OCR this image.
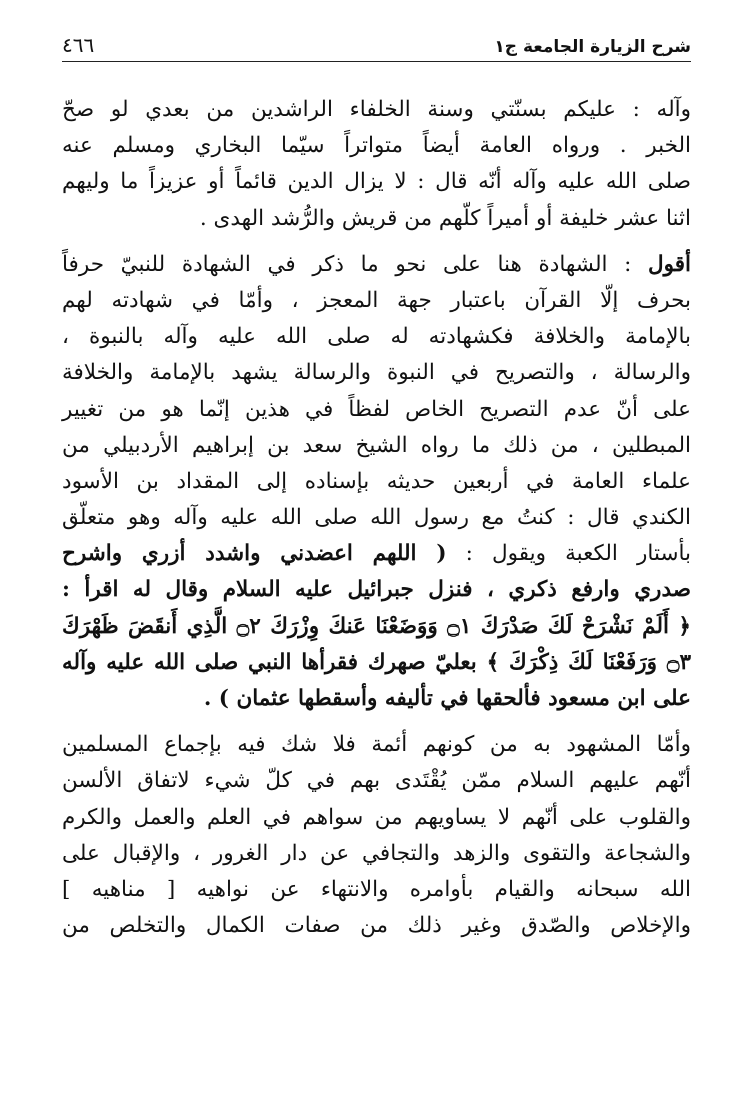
شرح الزيارة الجامعة ج١
٤٦٦
وآله : عليكم بسنّتي وسنة الخلفاء الراشدين من بعدي لو صحّ
الخبر . ورواه العامة أيضاً متواتراً سيّما البخاري ومسلم عنه
صلى الله عليه وآله أنّه قال : لا يزال الدين قائماً أو عزيزاً ما وليهم
اثنا عشر خليفة أو أميراً كلّهم من قريش والرُّشد الهدى .
أقول : الشهادة هنا على نحو ما ذكر في الشهادة للنبيّ حرفاً
بحرف إلّا القرآن باعتبار جهة المعجز ، وأمّا في شهادته لهم
بالإمامة والخلافة فكشهادته له صلى الله عليه وآله بالنبوة ،
والرسالة ، والتصريح في النبوة والرسالة يشهد بالإمامة والخلافة
على أنّ عدم التصريح الخاص لفظاً في هذين إنّما هو من تغيير
المبطلين ، من ذلك ما رواه الشيخ سعد بن إبراهيم الأردبيلي من
علماء العامة في أربعين حديثه بإسناده إلى المقداد بن الأسود
الكندي قال : كنتُ مع رسول الله صلى الله عليه وآله وهو متعلّق
بأستار الكعبة ويقول : ( اللهم اعضدني واشدد أزري واشرح
صدري وارفع ذكري ، فنزل جبرائيل عليه السلام وقال له اقرأ :
﴿ أَلَمْ نَشْرَحْ لَكَ صَدْرَكَ ۝١ وَوَضَعْنَا عَنكَ وِزْرَكَ ۝٢ الَّذِي أَنقَضَ ظَهْرَكَ
۝٣ وَرَفَعْنَا لَكَ ذِكْرَكَ ﴾ بعليّ صهرك فقرأها النبي صلى الله عليه وآله
على ابن مسعود فألحقها في تأليفه وأسقطها عثمان ) .
وأمّا المشهود به من كونهم أئمة فلا شك فيه بإجماع المسلمين
أنّهم عليهم السلام ممّن يُقْتَدى بهم في كلّ شيء لاتفاق الألسن
والقلوب على أنّهم لا يساويهم من سواهم في العلم والعمل والكرم
والشجاعة والتقوى والزهد والتجافي عن دار الغرور ، والإقبال على
الله سبحانه والقيام بأوامره والانتهاء عن نواهيه [ مناهيه ]
والإخلاص والصّدق وغير ذلك من صفات الكمال والتخلص من
